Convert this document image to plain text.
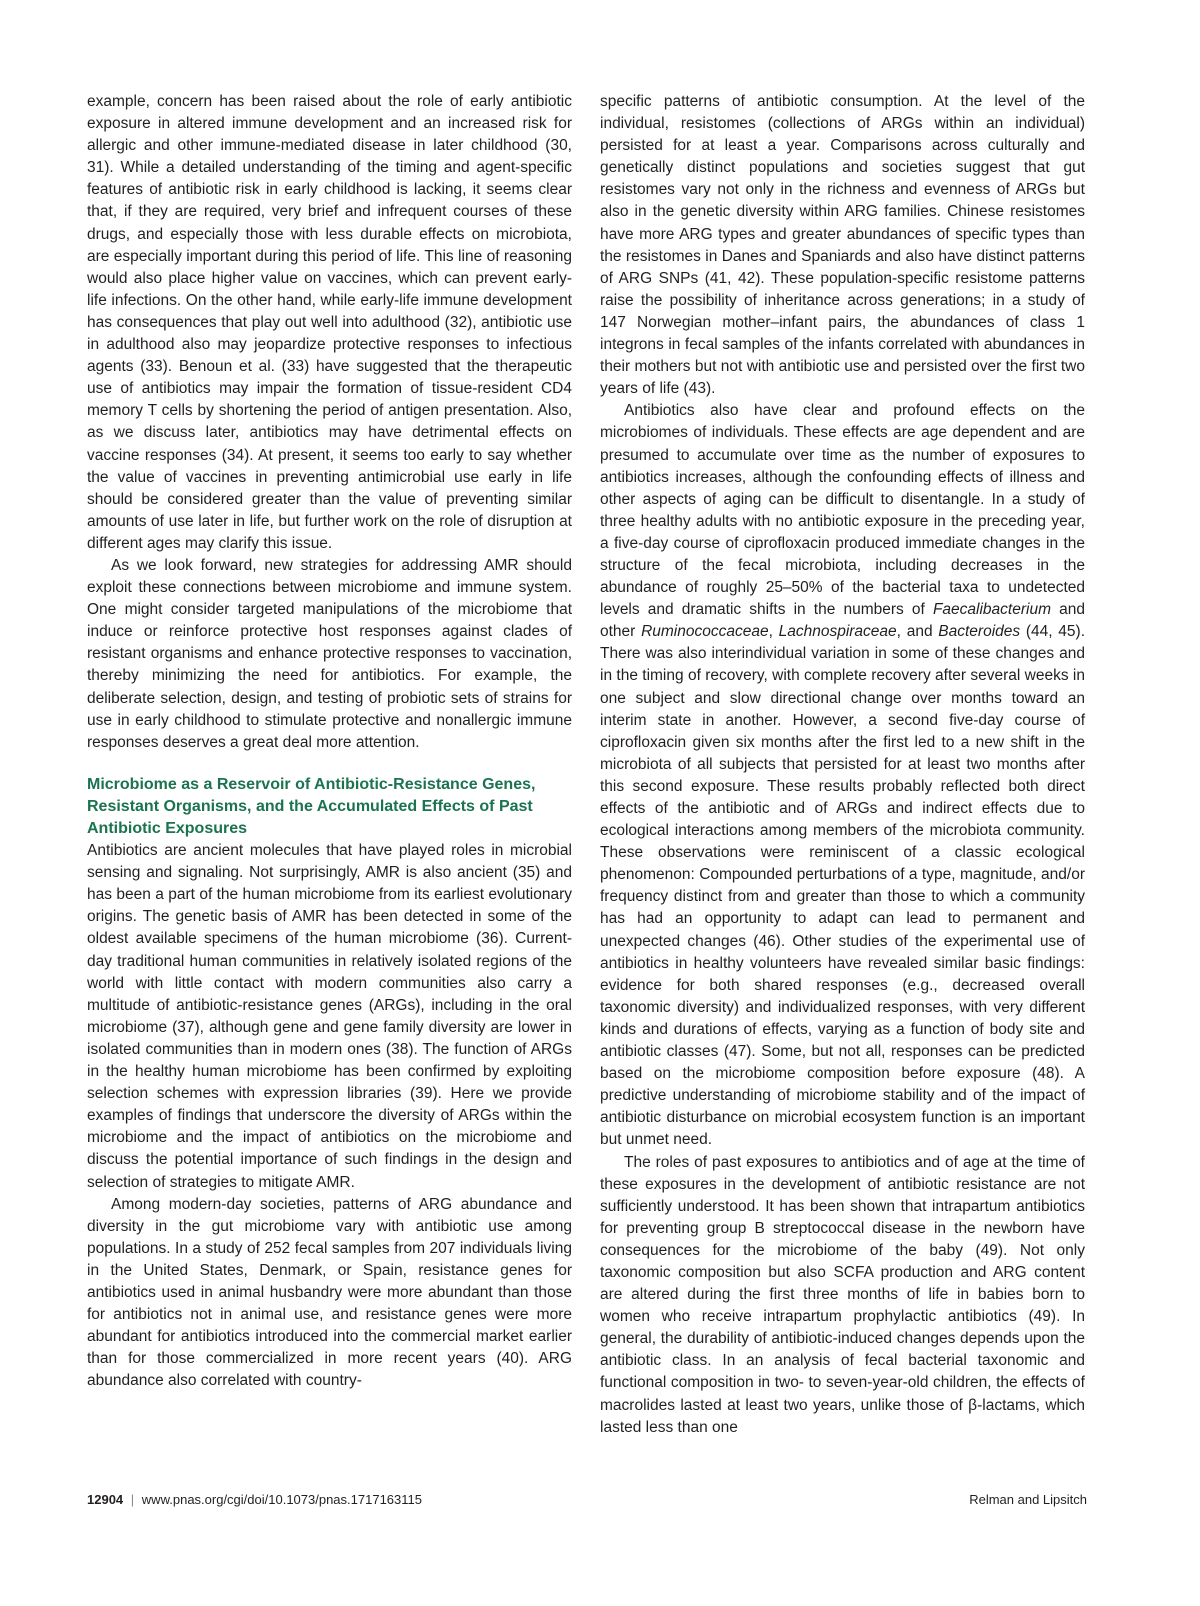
example, concern has been raised about the role of early antibiotic exposure in altered immune development and an increased risk for allergic and other immune-mediated disease in later childhood (30, 31). While a detailed understanding of the timing and agent-specific features of antibiotic risk in early childhood is lacking, it seems clear that, if they are required, very brief and infrequent courses of these drugs, and especially those with less durable effects on microbiota, are especially important during this period of life. This line of reasoning would also place higher value on vaccines, which can prevent early-life infections. On the other hand, while early-life immune development has consequences that play out well into adulthood (32), antibiotic use in adulthood also may jeopardize protective responses to infectious agents (33). Benoun et al. (33) have suggested that the therapeutic use of antibiotics may impair the formation of tissue-resident CD4 memory T cells by shortening the period of antigen presentation. Also, as we discuss later, antibiotics may have detrimental effects on vaccine responses (34). At present, it seems too early to say whether the value of vaccines in preventing antimicrobial use early in life should be considered greater than the value of preventing similar amounts of use later in life, but further work on the role of disruption at different ages may clarify this issue.

As we look forward, new strategies for addressing AMR should exploit these connections between microbiome and immune system. One might consider targeted manipulations of the microbiome that induce or reinforce protective host responses against clades of resistant organisms and enhance protective responses to vaccination, thereby minimizing the need for antibiotics. For example, the deliberate selection, design, and testing of probiotic sets of strains for use in early childhood to stimulate protective and nonallergic immune responses deserves a great deal more attention.

Microbiome as a Reservoir of Antibiotic-Resistance Genes, Resistant Organisms, and the Accumulated Effects of Past Antibiotic Exposures

Antibiotics are ancient molecules that have played roles in microbial sensing and signaling. Not surprisingly, AMR is also ancient (35) and has been a part of the human microbiome from its earliest evolutionary origins. The genetic basis of AMR has been detected in some of the oldest available specimens of the human microbiome (36). Current-day traditional human communities in relatively isolated regions of the world with little contact with modern communities also carry a multitude of antibiotic-resistance genes (ARGs), including in the oral microbiome (37), although gene and gene family diversity are lower in isolated communities than in modern ones (38). The function of ARGs in the healthy human microbiome has been confirmed by exploiting selection schemes with expression libraries (39). Here we provide examples of findings that underscore the diversity of ARGs within the microbiome and the impact of antibiotics on the microbiome and discuss the potential importance of such findings in the design and selection of strategies to mitigate AMR.

Among modern-day societies, patterns of ARG abundance and diversity in the gut microbiome vary with antibiotic use among populations. In a study of 252 fecal samples from 207 individuals living in the United States, Denmark, or Spain, resistance genes for antibiotics used in animal husbandry were more abundant than those for antibiotics not in animal use, and resistance genes were more abundant for antibiotics introduced into the commercial market earlier than for those commercialized in more recent years (40). ARG abundance also correlated with country-

specific patterns of antibiotic consumption. At the level of the individual, resistomes (collections of ARGs within an individual) persisted for at least a year. Comparisons across culturally and genetically distinct populations and societies suggest that gut resistomes vary not only in the richness and evenness of ARGs but also in the genetic diversity within ARG families. Chinese resistomes have more ARG types and greater abundances of specific types than the resistomes in Danes and Spaniards and also have distinct patterns of ARG SNPs (41, 42). These population-specific resistome patterns raise the possibility of inheritance across generations; in a study of 147 Norwegian mother–infant pairs, the abundances of class 1 integrons in fecal samples of the infants correlated with abundances in their mothers but not with antibiotic use and persisted over the first two years of life (43).

Antibiotics also have clear and profound effects on the microbiomes of individuals. These effects are age dependent and are presumed to accumulate over time as the number of exposures to antibiotics increases, although the confounding effects of illness and other aspects of aging can be difficult to disentangle. In a study of three healthy adults with no antibiotic exposure in the preceding year, a five-day course of ciprofloxacin produced immediate changes in the structure of the fecal microbiota, including decreases in the abundance of roughly 25–50% of the bacterial taxa to undetected levels and dramatic shifts in the numbers of Faecalibacterium and other Ruminococcaceae, Lachnospiraceae, and Bacteroides (44, 45). There was also interindividual variation in some of these changes and in the timing of recovery, with complete recovery after several weeks in one subject and slow directional change over months toward an interim state in another. However, a second five-day course of ciprofloxacin given six months after the first led to a new shift in the microbiota of all subjects that persisted for at least two months after this second exposure. These results probably reflected both direct effects of the antibiotic and of ARGs and indirect effects due to ecological interactions among members of the microbiota community. These observations were reminiscent of a classic ecological phenomenon: Compounded perturbations of a type, magnitude, and/or frequency distinct from and greater than those to which a community has had an opportunity to adapt can lead to permanent and unexpected changes (46). Other studies of the experimental use of antibiotics in healthy volunteers have revealed similar basic findings: evidence for both shared responses (e.g., decreased overall taxonomic diversity) and individualized responses, with very different kinds and durations of effects, varying as a function of body site and antibiotic classes (47). Some, but not all, responses can be predicted based on the microbiome composition before exposure (48). A predictive understanding of microbiome stability and of the impact of antibiotic disturbance on microbial ecosystem function is an important but unmet need.

The roles of past exposures to antibiotics and of age at the time of these exposures in the development of antibiotic resistance are not sufficiently understood. It has been shown that intrapartum antibiotics for preventing group B streptococcal disease in the newborn have consequences for the microbiome of the baby (49). Not only taxonomic composition but also SCFA production and ARG content are altered during the first three months of life in babies born to women who receive intrapartum prophylactic antibiotics (49). In general, the durability of antibiotic-induced changes depends upon the antibiotic class. In an analysis of fecal bacterial taxonomic and functional composition in two- to seven-year-old children, the effects of macrolides lasted at least two years, unlike those of β-lactams, which lasted less than one

12904 | www.pnas.org/cgi/doi/10.1073/pnas.1717163115	Relman and Lipsitch
